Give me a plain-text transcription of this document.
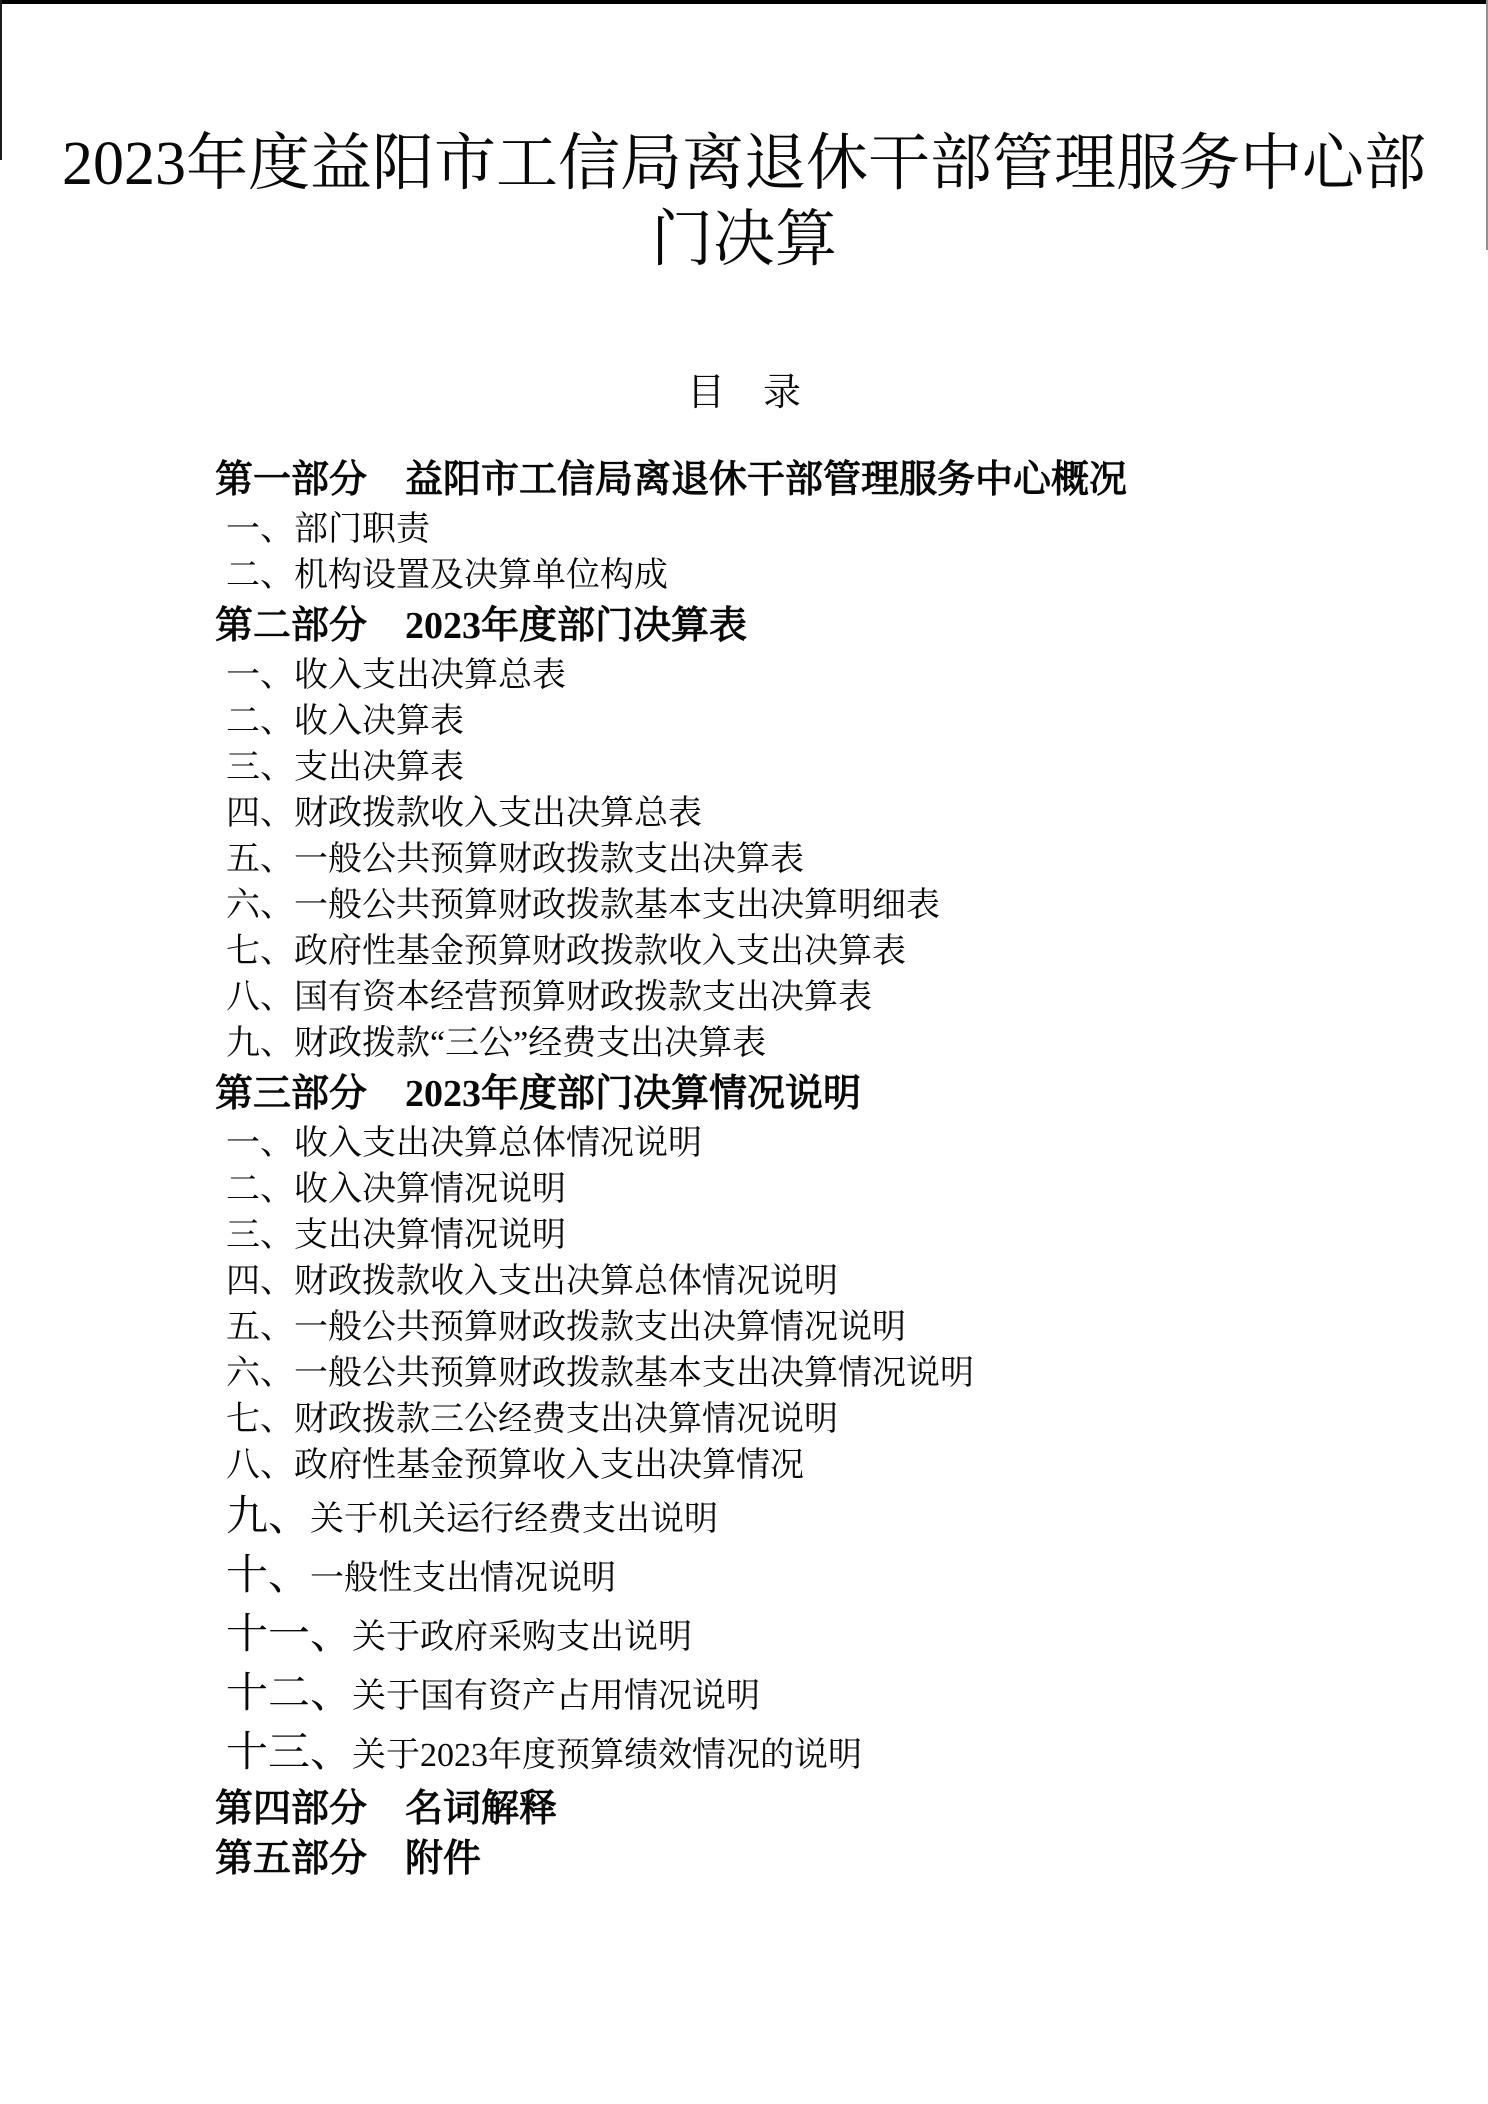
2023年度益阳市工信局离退休干部管理服务中心部
门决算
目　录
第一部分　益阳市工信局离退休干部管理服务中心概况
一、部门职责
二、机构设置及决算单位构成
第二部分　2023年度部门决算表
一、收入支出决算总表
二、收入决算表
三、支出决算表
四、财政拨款收入支出决算总表
五、一般公共预算财政拨款支出决算表
六、一般公共预算财政拨款基本支出决算明细表
七、政府性基金预算财政拨款收入支出决算表
八、国有资本经营预算财政拨款支出决算表
九、财政拨款“三公”经费支出决算表
第三部分　2023年度部门决算情况说明
一、收入支出决算总体情况说明
二、收入决算情况说明
三、支出决算情况说明
四、财政拨款收入支出决算总体情况说明
五、一般公共预算财政拨款支出决算情况说明
六、一般公共预算财政拨款基本支出决算情况说明
七、财政拨款三公经费支出决算情况说明
八、政府性基金预算收入支出决算情况
九、关于机关运行经费支出说明
十、一般性支出情况说明
十一、关于政府采购支出说明
十二、关于国有资产占用情况说明
十三、关于2023年度预算绩效情况的说明
第四部分　名词解释
第五部分　附件
